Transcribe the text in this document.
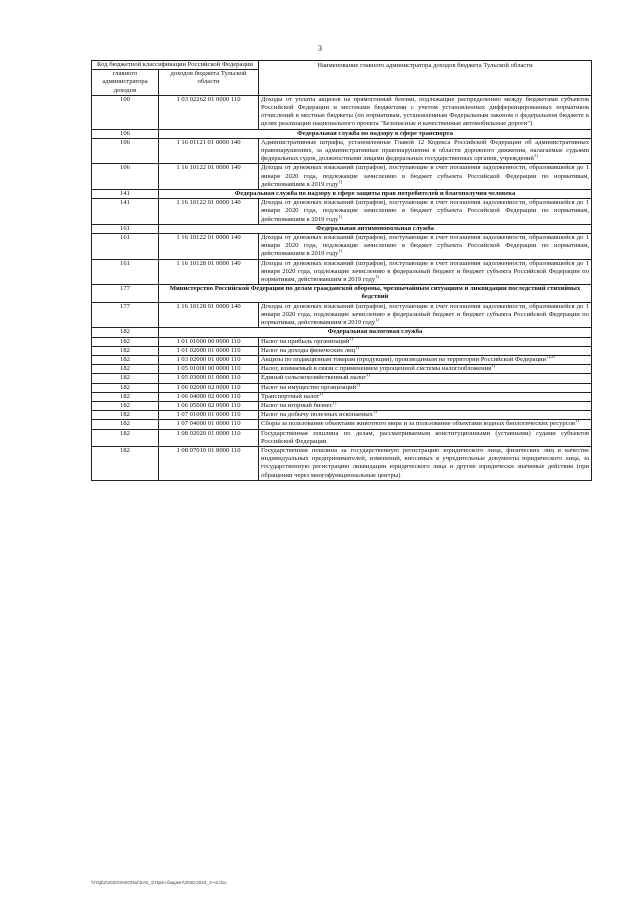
3
Код бюджетной классификации Российской Федерации		Наименование главного администратора доходов бюджета Тульской области
главного администратора доходов	доходов бюджета Тульской области	
100	1 03 02262 01 0000 110	Доходы от уплаты акцизов на прямогонный бензин, подлежащие распределению между бюджетами субъектов Российской Федерации и местными бюджетами с учетом установленных дифференцированных нормативов отчислений в местные бюджеты (по нормативам, установленным Федеральным законом о федеральном бюджете в целях реализации национального проекта "Безопасные и качественные автомобильные дороги")
106	Федеральная служба по надзору в сфере транспорта	
106	1 16 01121 01 0000 140	Административные штрафы, установленные Главой 12 Кодекса Российской Федерации об административных правонарушениях, за административные правонарушения в области дорожного движения, налагаемые судьями федеральных судов, должностными лицами федеральных государственных органов, учреждений$^{1)}$
106	1 16 10122 01 0000 140	Доходы от денежных взысканий (штрафов), поступающие в счет погашения задолженности, образовавшейся до 1 января 2020 года, подлежащие зачислению в бюджет субъекта Российской Федерации по нормативам, действовавшим в 2019 году$^{1)}$
141	Федеральная служба по надзору в сфере защиты прав потребителей и благополучия человека	
141	1 16 10122 01 0000 140	Доходы от денежных взысканий (штрафов), поступающие в счет погашения задолженности, образовавшейся до 1 января 2020 года, подлежащие зачислению в бюджет субъекта Российской Федерации по нормативам, действовавшим в 2019 году$^{1)}$
161	Федеральная антимонопольная служба	
161	1 16 10122 01 0000 140	Доходы от денежных взысканий (штрафов), поступающие в счет погашения задолженности, образовавшейся до 1 января 2020 года, подлежащие зачислению в бюджет субъекта Российской Федерации по нормативам, действовавшим в 2019 году$^{1)}$
161	1 16 10128 01 0000 140	Доходы от денежных взысканий (штрафов), поступающие в счет погашения задолженности, образовавшейся до 1 января 2020 года, подлежащие зачислению в федеральный бюджет и бюджет субъекта Российской Федерации по нормативам, действовавшим в 2019 году$^{1)}$
177	Министерство Российской Федерации по делам гражданской обороны, чрезвычайным ситуациям и ликвидации последствий стихийных бедствий	
177	1 16 10128 01 0000 140	Доходы от денежных взысканий (штрафов), поступающие в счет погашения задолженности, образовавшейся до 1 января 2020 года, подлежащие зачислению в федеральный бюджет и бюджет субъекта Российской Федерации по нормативам, действовавшим в 2019 году$^{1)}$
182	Федеральная налоговая служба	
182	1 01 01000 00 0000 110	Налог на прибыль организаций$^{1)}$
182	1 01 02000 01 0000 110	Налог на доходы физических лиц$^{1)}$
182	1 03 02000 01 0000 110	Акцизы по подакцизным товарам (продукции), производимым на территории Российской Федерации$^{1),2)}$
182	1 05 01000 00 0000 110	Налог, взимаемый в связи с применением упрощенной системы налогообложения$^{1)}$
182	1 05 03000 01 0000 110	Единый сельскохозяйственный налог$^{1)}$
182	1 06 02000 02 0000 110	Налог на имущество организаций$^{1)}$
182	1 06 04000 02 0000 110	Транспортный налог$^{1)}$
182	1 06 05000 02 0000 110	Налог на игорный бизнес$^{1)}$
182	1 07 01000 01 0000 110	Налог на добычу полезных ископаемых$^{1)}$
182	1 07 04000 01 0000 110	Сборы за пользование объектами животного мира и за пользование объектами водных биологических ресурсов$^{1)}$
182	1 08 02020 01 0000 110	Государственная пошлина по делам, рассматриваемым конституционными (уставными) судами субъектов Российской Федерации
182	1 08 07010 01 8000 110	Государственная пошлина за государственную регистрацию юридического лица, физических лиц в качестве индивидуальных предпринимателей, изменений, вносимых в учредительные документы юридического лица, за государственную регистрацию ликвидации юридического лица и другие юридически значимые действия (при обращении через многофункциональные центры)
\\ГОД\2\2020\ЗАКОНЫ\ЗАК_1\Прил.бюджет\2020-2022_3-ч2.doc
